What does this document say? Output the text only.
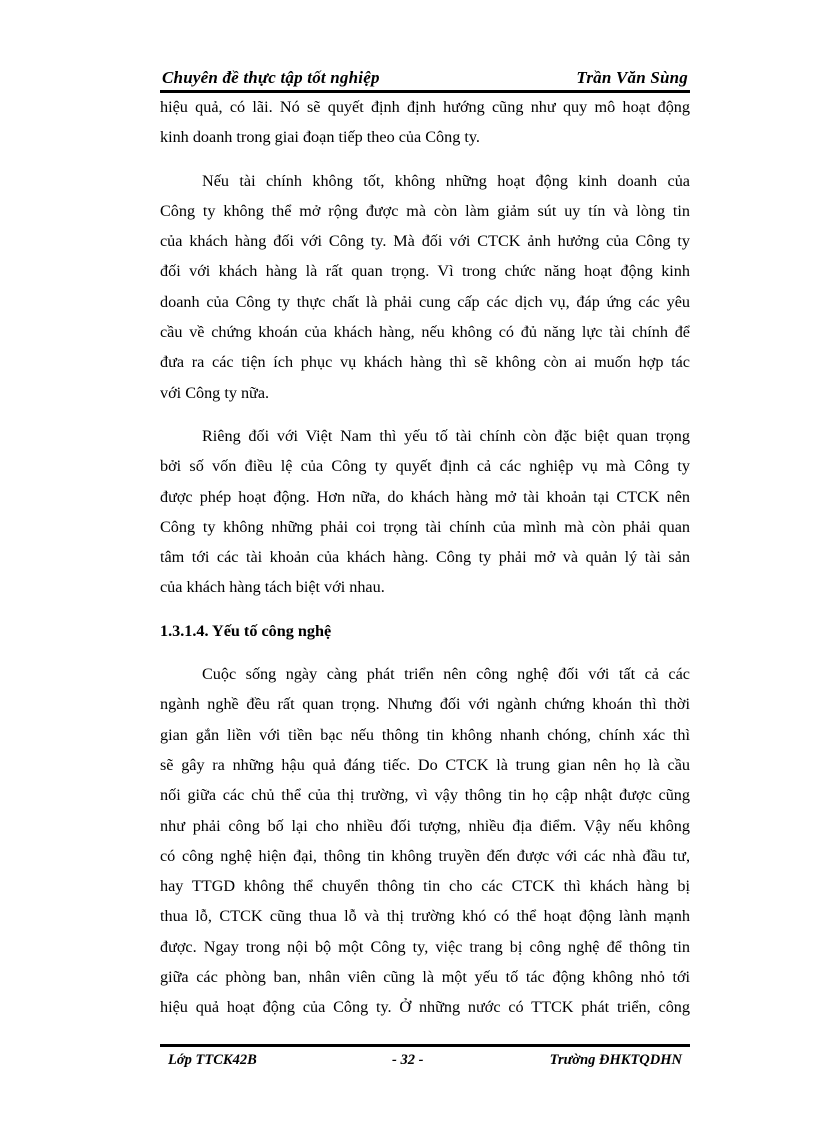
Chuyên đề thực tập tốt nghiệp	Trần Văn Sùng

hiệu quả, có lãi. Nó sẽ quyết định định hướng cũng như quy mô hoạt động
kinh doanh trong giai đoạn tiếp theo của Công ty.

Nếu tài chính không tốt, không những hoạt động kinh doanh của
Công ty không thể mở rộng được mà còn làm giảm sút uy tín và lòng tin
của khách hàng đối với Công ty. Mà đối với CTCK ảnh hưởng của Công ty
đối với khách hàng là rất quan trọng. Vì trong chức năng hoạt động kinh
doanh của Công ty thực chất là phải cung cấp các dịch vụ, đáp ứng các yêu
cầu về chứng khoán của khách hàng, nếu không có đủ năng lực tài chính để
đưa ra các tiện ích phục vụ khách hàng thì sẽ không còn ai muốn hợp tác
với Công ty nữa.

Riêng đối với Việt Nam thì yếu tố tài chính còn đặc biệt quan trọng
bởi số vốn điều lệ của Công ty quyết định cả các nghiệp vụ mà Công ty
được phép hoạt động. Hơn nữa, do khách hàng mở tài khoản tại CTCK nên
Công ty không những phải coi trọng tài chính của mình mà còn phải quan
tâm tới các tài khoản của khách hàng. Công ty phải mở và quản lý tài sản
của khách hàng tách biệt với nhau.

1.3.1.4. Yếu tố công nghệ

Cuộc sống ngày càng phát triển nên công nghệ đối với tất cả các
ngành nghề đều rất quan trọng. Nhưng đối với ngành chứng khoán thì thời
gian gắn liền với tiền bạc nếu thông tin không nhanh chóng, chính xác thì
sẽ gây ra những hậu quả đáng tiếc. Do CTCK là trung gian nên họ là cầu
nối giữa các chủ thể của thị trường, vì vậy thông tin họ cập nhật được cũng
như phải công bố lại cho nhiều đối tượng, nhiều địa điểm. Vậy nếu không
có công nghệ hiện đại, thông tin không truyền đến được với các nhà đầu tư,
hay TTGD không thể chuyển thông tin cho các CTCK thì khách hàng bị
thua lỗ, CTCK cũng thua lỗ và thị trường khó có thể hoạt động lành mạnh
được. Ngay trong nội bộ một Công ty, việc trang bị công nghệ để thông tin
giữa các phòng ban, nhân viên cũng là một yếu tố tác động không nhỏ tới
hiệu quả hoạt động của Công ty. Ở những nước có TTCK phát triển, công

Lớp TTCK42B	- 32 -	Trường ĐHKTQDHN
